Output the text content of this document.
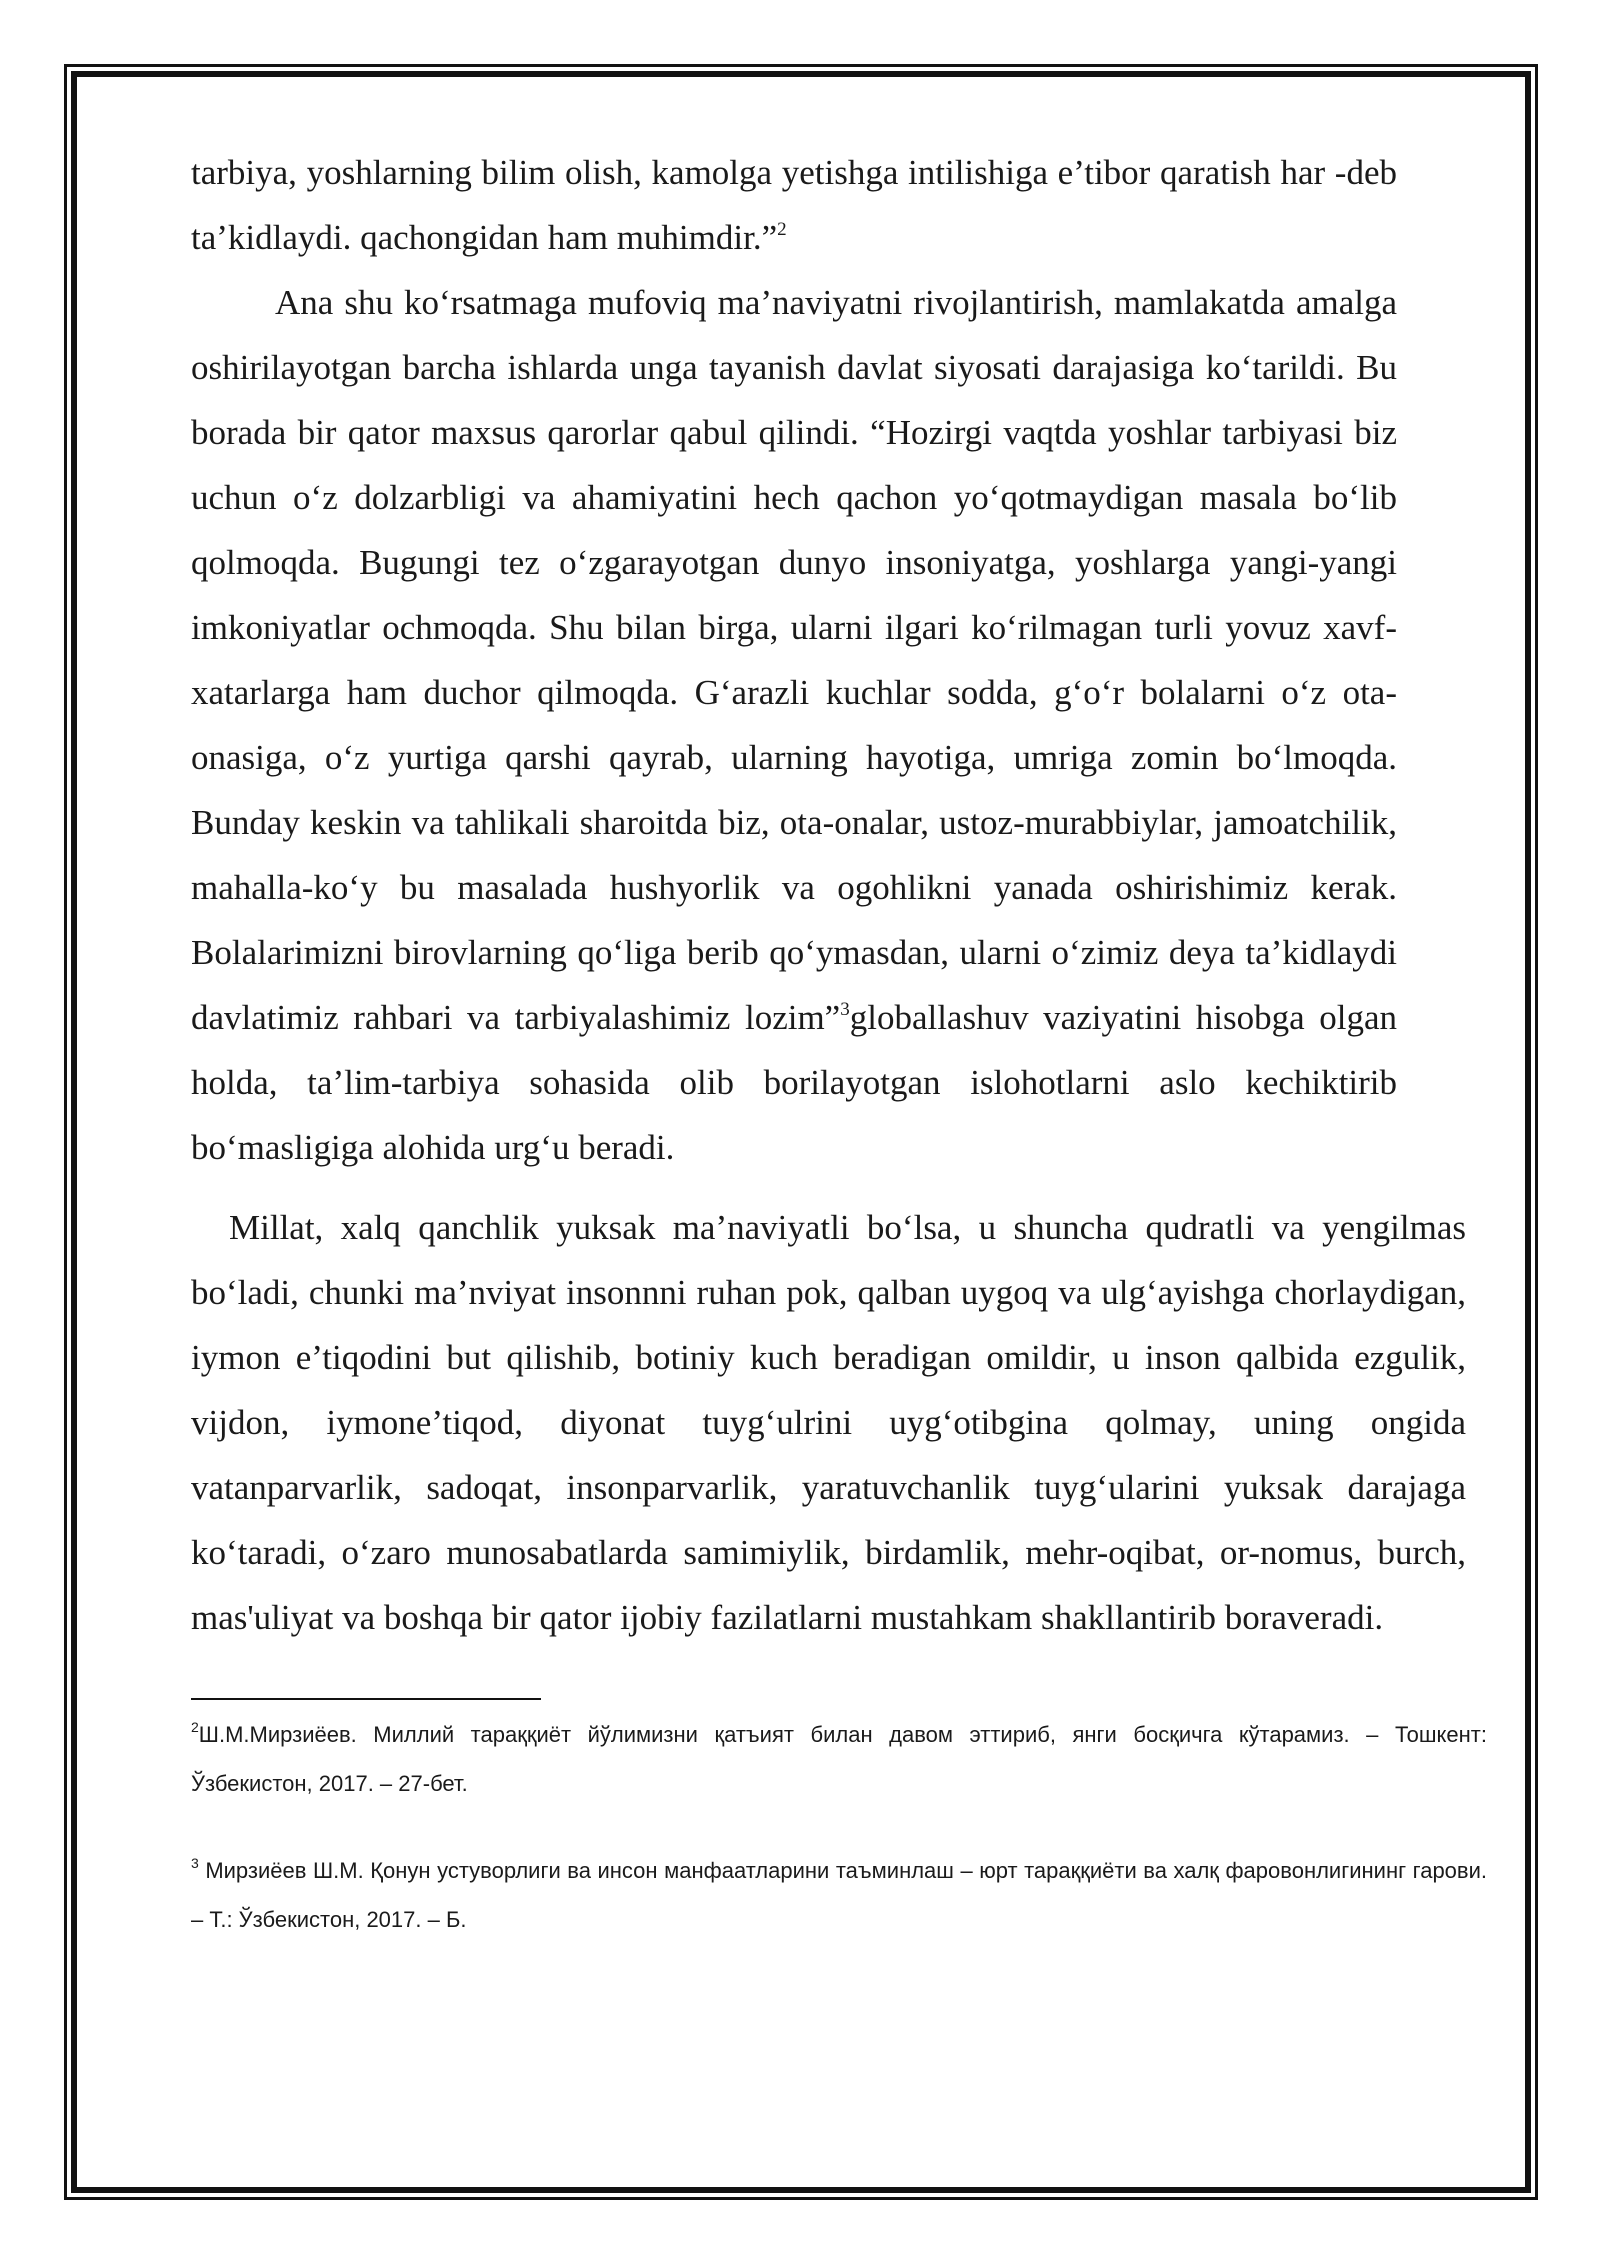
tarbiya, yoshlarning bilim olish, kamolga yetishga intilishiga e’tibor qaratish har -deb ta’kidlaydi. qachongidan ham muhimdir.”$^2$

Ana shu ko‘rsatmaga mufoviq ma’naviyatni rivojlantirish, mamlakatda amalga oshirilayotgan barcha ishlarda unga tayanish davlat siyosati darajasiga ko‘tarildi. Bu borada bir qator maxsus qarorlar qabul qilindi. “Hozirgi vaqtda yoshlar tarbiyasi biz uchun o‘z dolzarbligi va ahamiyatini hech qachon yo‘qotmaydigan masala bo‘lib qolmoqda. Bugungi tez o‘zgarayotgan dunyo insoniyatga, yoshlarga yangi-yangi imkoniyatlar ochmoqda. Shu bilan birga, ularni ilgari ko‘rilmagan turli yovuz xavf-xatarlarga ham duchor qilmoqda. G‘arazli kuchlar sodda, g‘o‘r bolalarni o‘z ota-onasiga, o‘z yurtiga qarshi qayrab, ularning hayotiga, umriga zomin bo‘lmoqda. Bunday keskin va tahlikali sharoitda biz, ota-onalar, ustoz-murabbiylar, jamoatchilik, mahalla-ko‘y bu masalada hushyorlik va ogohlikni yanada oshirishimiz kerak. Bolalarimizni birovlarning qo‘liga berib qo‘ymasdan, ularni o‘zimiz deya ta’kidlaydi davlatimiz rahbari va tarbiyalashimiz lozim”$^3$globallashuv vaziyatini hisobga olgan holda, ta’lim-tarbiya sohasida olib borilayotgan islohotlarni aslo kechiktirib bo‘masligiga alohida urg‘u beradi.

Millat, xalq qanchlik yuksak ma’naviyatli bo‘lsa, u shuncha qudratli va yengilmas bo‘ladi, chunki ma’nviyat insonnni ruhan pok, qalban uygoq va ulg‘ayishga chorlaydigan, iymon e’tiqodini but qilishib, botiniy kuch beradigan omildir, u inson qalbida ezgulik, vijdon, iymone’tiqod, diyonat tuyg‘ulrini uyg‘otibgina qolmay, uning ongida vatanparvarlik, sadoqat, insonparvarlik, yaratuvchanlik tuyg‘ularini yuksak darajaga ko‘taradi, o‘zaro munosabatlarda samimiylik, birdamlik, mehr-oqibat, or-nomus, burch, mas'uliyat va boshqa bir qator ijobiy fazilatlarni mustahkam shakllantirib boraveradi.

$^2$Ш.М.Мирзиёев. Миллий тараққиёт йўлимизни қатъият билан давом эттириб, янги босқичга кўтарамиз. – Тошкент: Ўзбекистон, 2017. – 27-бет.

$^3$ Мирзиёев Ш.М. Қонун устуворлиги ва инсон манфаатларини таъминлаш – юрт тараққиёти ва халқ фаровонлигининг гарови. – Т.: Ўзбекистон, 2017. – Б.
